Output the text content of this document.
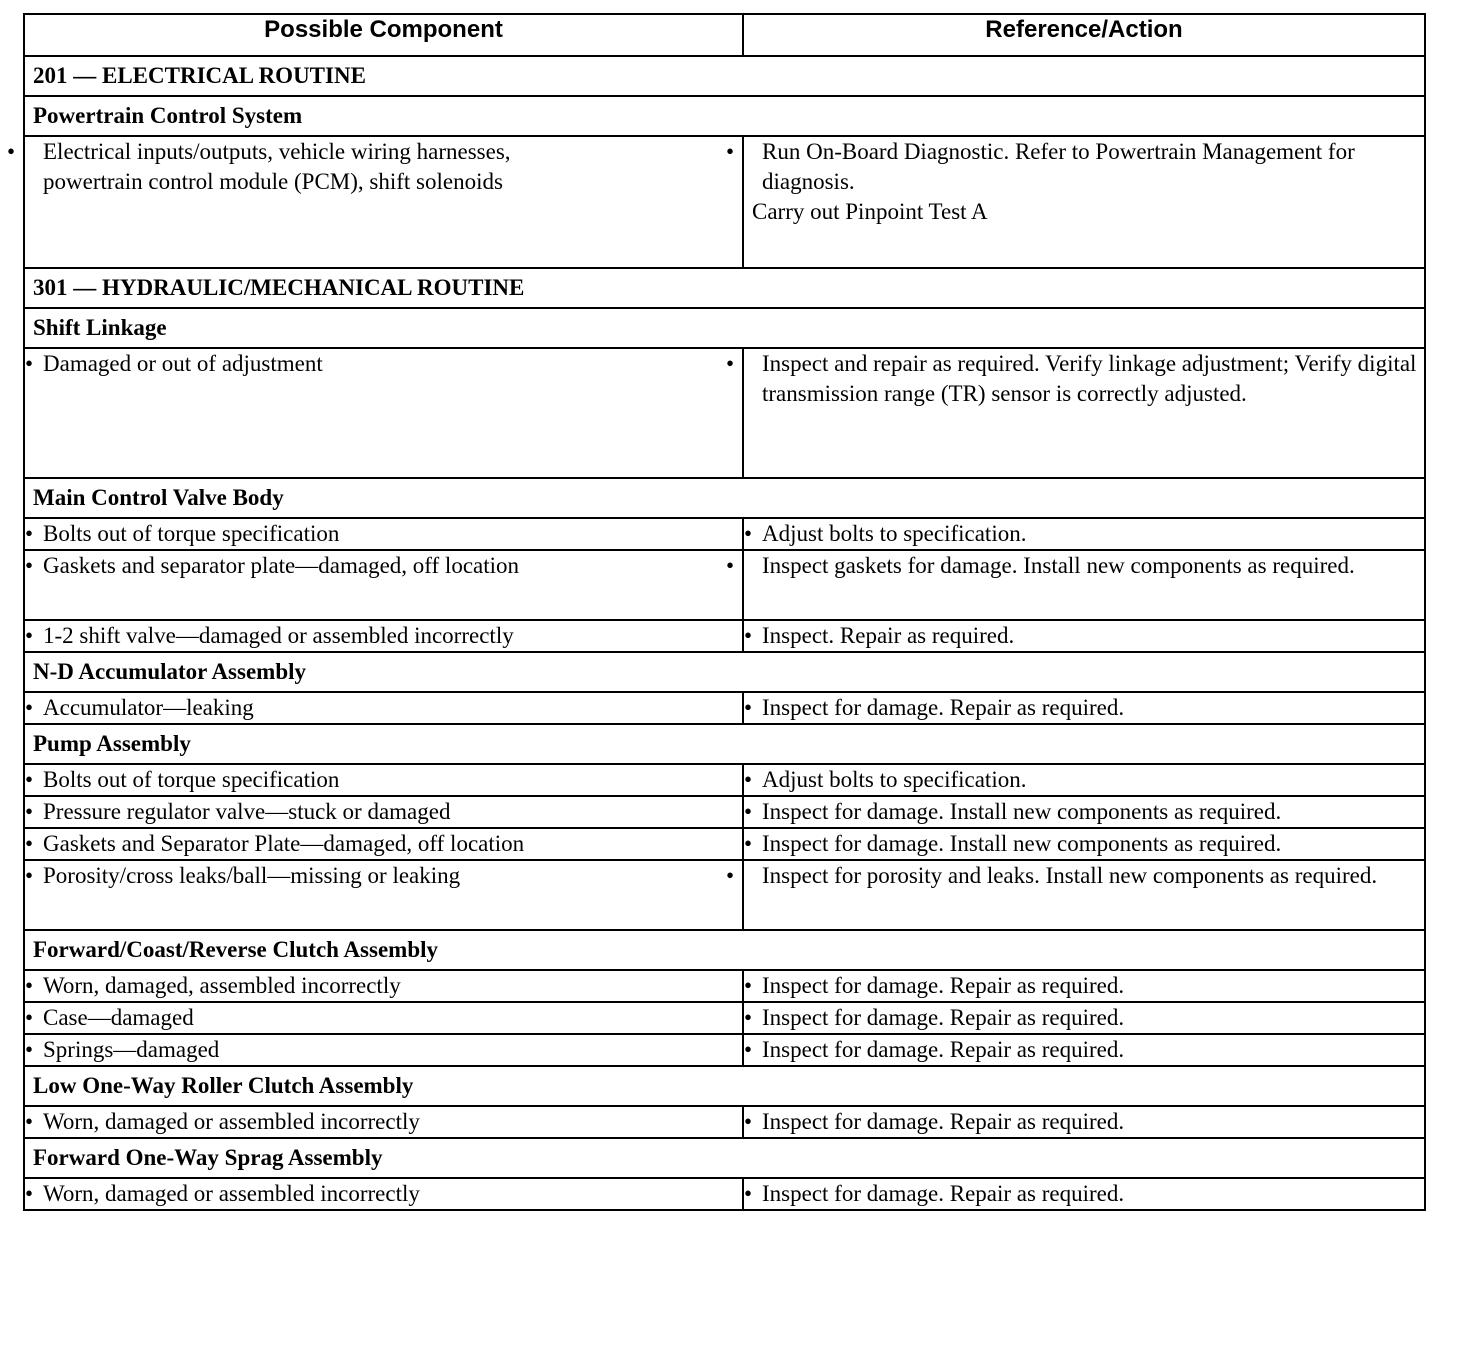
Possible Component	Reference/Action
201 — ELECTRICAL ROUTINE	
Powertrain Control System	

• Electrical inputs/outputs, vehicle wiring harnesses, powertrain control module (PCM), shift solenoids	• Run On-Board Diagnostic. Refer to Powertrain Management for diagnosis.
Carry out Pinpoint Test A

301 — HYDRAULIC/MECHANICAL ROUTINE	
Shift Linkage	
• Damaged or out of adjustment	• Inspect and repair as required. Verify linkage adjustment; Verify digital transmission range (TR) sensor is correctly adjusted.

Main Control Valve Body	
• Bolts out of torque specification	• Adjust bolts to specification.
• Gaskets and separator plate—damaged, off location	• Inspect gaskets for damage. Install new components as required.

• 1-2 shift valve—damaged or assembled incorrectly	• Inspect. Repair as required.
N-D Accumulator Assembly	
• Accumulator—leaking	• Inspect for damage. Repair as required.
Pump Assembly	
• Bolts out of torque specification	• Adjust bolts to specification.
• Pressure regulator valve—stuck or damaged	• Inspect for damage. Install new components as required.
• Gaskets and Separator Plate—damaged, off location	• Inspect for damage. Install new components as required.
• Porosity/cross leaks/ball—missing or leaking	• Inspect for porosity and leaks. Install new components as required.

Forward/Coast/Reverse Clutch Assembly	
• Worn, damaged, assembled incorrectly	• Inspect for damage. Repair as required.
• Case—damaged	• Inspect for damage. Repair as required.
• Springs—damaged	• Inspect for damage. Repair as required.
Low One-Way Roller Clutch Assembly	
• Worn, damaged or assembled incorrectly	• Inspect for damage. Repair as required.
Forward One-Way Sprag Assembly	
• Worn, damaged or assembled incorrectly	• Inspect for damage. Repair as required.
